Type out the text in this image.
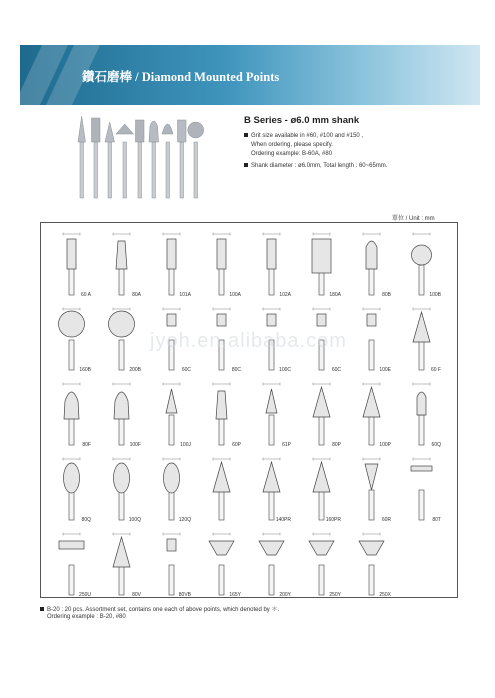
鑽石磨棒 / Diamond Mounted Points
B Series - ø6.0 mm shank
Grit size available in #60, #100 and #150 ,
When ordering, please specify.
Ordering example: B-60A, #80
Shank diameter : ø6.0mm, Total length : 60~65mm.
單位 / Unit : mm
60 A	80A	101A	100A	102A	180A	80B	100B
160B	200B	60C	80C	100C	60C	100E	60 F
80F	100F	100J	60P	61P	80P	100P	60Q
80Q	100Q	120Q	140PR	160PR	60R	80T
250U	80V	80VB	165Y	200Y	250Y	250X
jyoh.en.alibaba.com
B-20 : 20 pcs. Assortment set, contains one each of above points, which denoted by ＊.
Ordering example : B-20, #80
